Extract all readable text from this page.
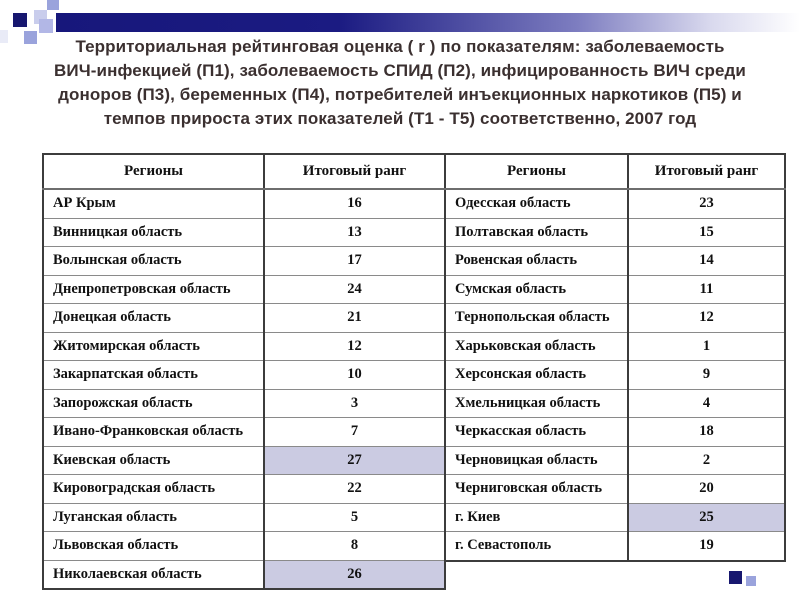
Территориальная рейтинговая оценка ( r ) по показателям: заболеваемость
ВИЧ-инфекцией (П1), заболеваемость СПИД (П2), инфицированность ВИЧ среди
доноров (П3), беременных (П4), потребителей инъекционных наркотиков (П5) и
темпов прироста этих показателей (Т1 - Т5) соответственно, 2007 год
Регионы	Итоговый ранг
АР Крым	16
Винницкая область	13
Волынская область	17
Днепропетровская область	24
Донецкая область	21
Житомирская область	12
Закарпатская область	10
Запорожская область	3
Ивано-Франковская область	7
Киевская область	27
Кировоградская область	22
Луганская область	5
Львовская область	8
Николаевская область	26
Регионы	Итоговый ранг
Одесская область	23
Полтавская область	15
Ровенская область	14
Сумская область	11
Тернопольская область	12
Харьковская область	1
Херсонская область	9
Хмельницкая область	4
Черкасская область	18
Черновицкая область	2
Черниговская область	20
г. Киев	25
г. Севастополь	19
